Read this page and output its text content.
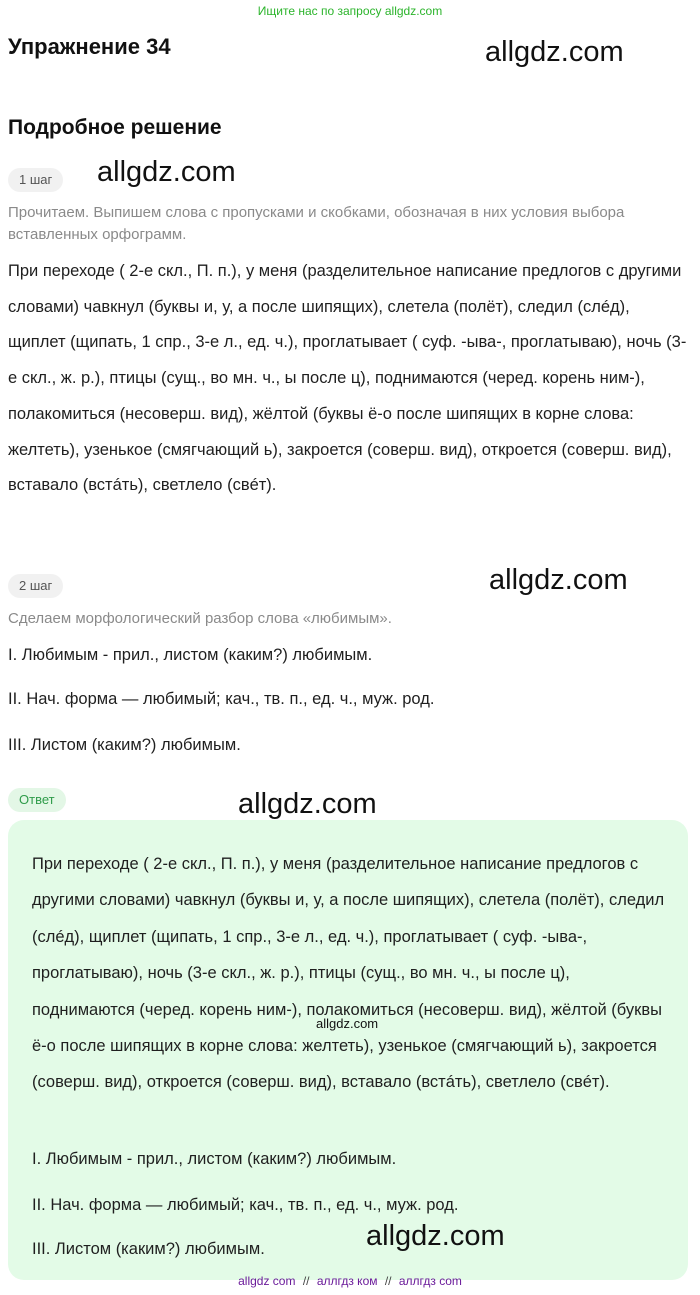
Ищите нас по запросу allgdz.com
Упражнение 34	allgdz.com
Подробное решение
1 шаг	allgdz.com
Прочитаем. Выпишем слова с пропусками и скобками, обозначая в них условия выбора вставленных орфограмм.
При переходе ( 2-е скл., П. п.), у меня (разделительное написание предлогов с другими словами) чавкнул (буквы и, у, а после шипящих), слетела (полёт), следил (слéд), щиплет (щипать, 1 спр., 3-е л., ед. ч.), проглатывает ( суф. -ыва-, проглатываю), ночь (3-е скл., ж. р.), птицы (сущ., во мн. ч., ы после ц), поднимаются (черед. корень ним-), полакомиться (несоверш. вид), жёлтой (буквы ё-о после шипящих в корне слова: желтеть), узенькое (смягчающий ь), закроется (соверш. вид), откроется (соверш. вид), вставало (встáть), светлело (свéт).
2 шаг	allgdz.com
Сделаем морфологический разбор слова «любимым».
I. Любимым - прил., листом (каким?) любимым.
II. Нач. форма — любимый; кач., тв. п., ед. ч., муж. род.
III. Листом (каким?) любимым.
Ответ	allgdz.com
При переходе ( 2-е скл., П. п.), у меня (разделительное написание предлогов с другими словами) чавкнул (буквы и, у, а после шипящих), слетела (полёт), следил (слéд), щиплет (щипать, 1 спр., 3-е л., ед. ч.), проглатывает ( суф. -ыва-, проглатываю), ночь (3-е скл., ж. р.), птицы (сущ., во мн. ч., ы после ц), поднимаются (черед. корень ним-), полакомиться (несоверш. вид), жёлтой (буквы ё-о после шипящих в корне слова: желтеть), узенькое (смягчающий ь), закроется (соверш. вид), откроется (соверш. вид), вставало (встáть), светлело (свéт).
I. Любимым - прил., листом (каким?) любимым.
II. Нач. форма — любимый; кач., тв. п., ед. ч., муж. род.
III. Листом (каким?) любимым.
allgdz.com
allgdz.com
allgdz com // аллгдз ком // аллгдз com
